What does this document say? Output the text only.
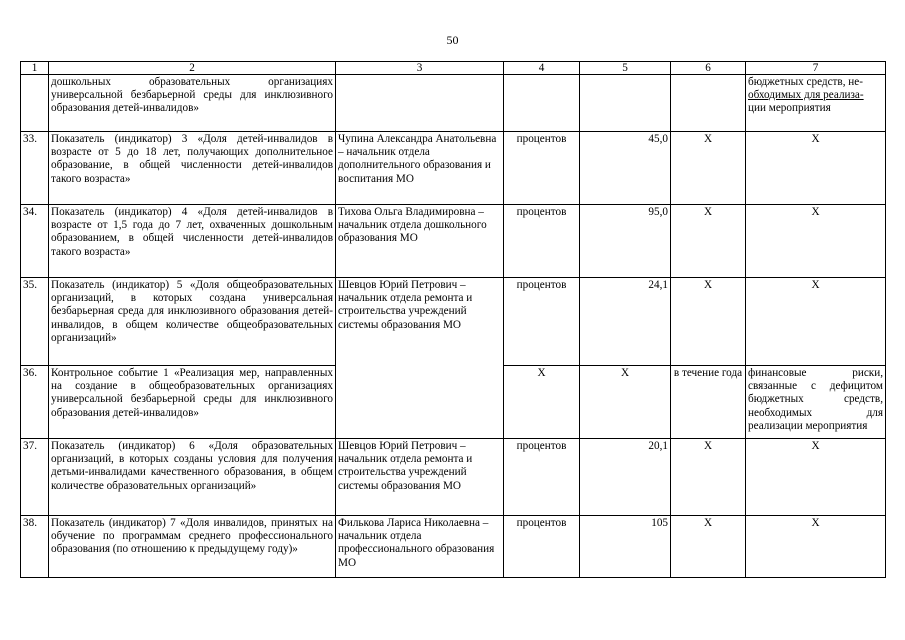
50
1	2	3	4	5	6	7
	дошкольных образовательных организациях универсальной безбарьерной среды для инклюзивного образования детей-инвалидов»					бюджетных средств, не-
обходимых для реализа-
ции мероприятия

33.	Показатель (индикатор) 3 «Доля детей-инвалидов в возрасте от 5 до 18 лет, получающих дополнительное образование, в общей численности детей-инвалидов такого возраста»	Чупина Александра Анатольевна – начальник отдела дополнительного образования и воспитания МО	процентов	45,0	X	X
34.	Показатель (индикатор) 4 «Доля детей-инвалидов в возрасте от 1,5 года до 7 лет, охваченных дошкольным образованием, в общей численности детей-инвалидов такого возраста»	Тихова Ольга Владимировна – начальник отдела дошкольного образования МО	процентов	95,0	X	X
35.	Показатель (индикатор) 5 «Доля общеобразовательных организаций, в которых создана универсальная безбарьерная среда для инклюзивного образования детей-инвалидов, в общем количестве общеобразовательных организаций»	Шевцов Юрий Петрович – начальник отдела ремонта и строительства учреждений системы образования МО	процентов	24,1	X	X
36.	Контрольное событие 1 «Реализация мер, направленных на создание в общеобразовательных организациях универсальной безбарьерной среды для инклюзивного образования детей-инвалидов»		X	X	в течение года	финансовые риски, связанные с дефицитом бюджетных средств, необходимых для реализации мероприятия
37.	Показатель (индикатор) 6 «Доля образовательных организаций, в которых созданы условия для получения детьми-инвалидами качественного образования, в общем количестве образовательных организаций»	Шевцов Юрий Петрович – начальник отдела ремонта и строительства учреждений системы образования МО	процентов	20,1	X	X
38.	Показатель (индикатор) 7 «Доля инвалидов, принятых на обучение по программам среднего профессионального образования (по отношению к предыдущему году)»	Филькова Лариса Николаевна – начальник отдела профессионального образования МО	процентов	105	X	X
